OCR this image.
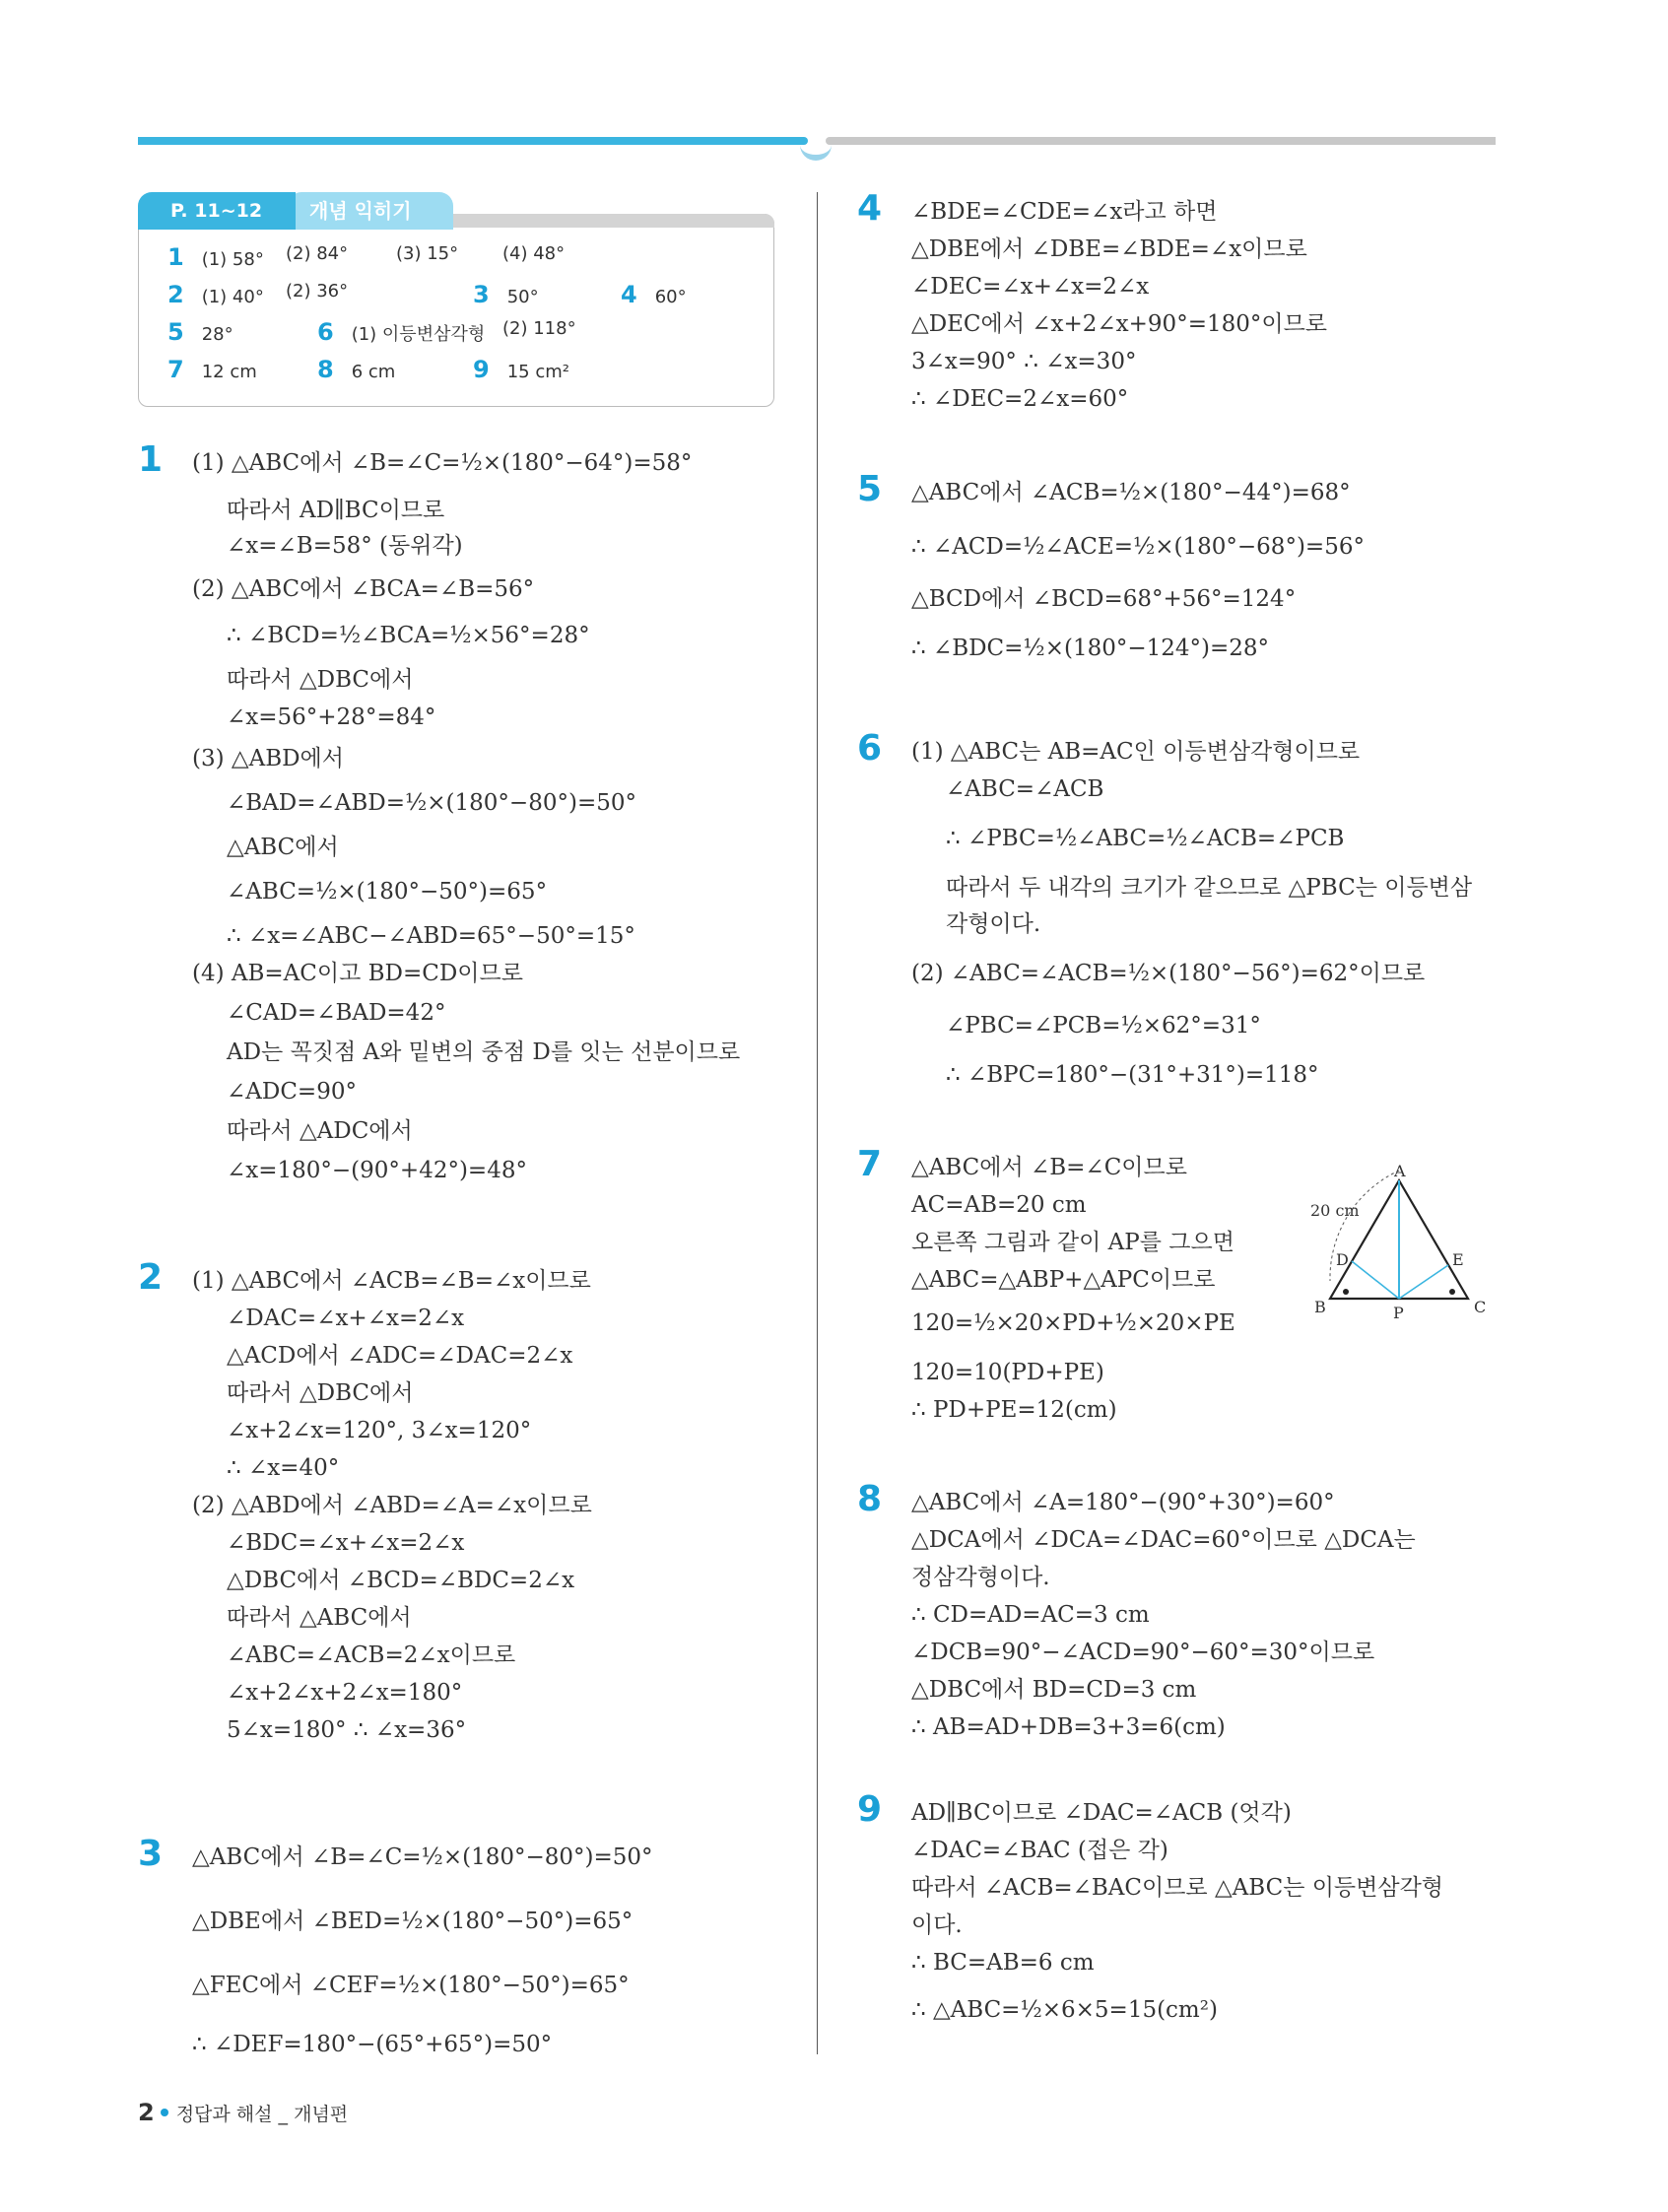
개념 익히기
P. 11~12
1 (1) △ABC에서 ∠B=∠C=½×(180°−64°)=58°
따라서 AD∥BC이므로
∠x=∠B=58° (동위각)
(2) △ABC에서 ∠BCA=∠B=56°
∴ ∠BCD=½∠BCA=½×56°=28°
따라서 △DBC에서
∠x=56°+28°=84°
(3) △ABD에서
∠BAD=∠ABD=½×(180°−80°)=50°
△ABC에서
∠ABC=½×(180°−50°)=65°
∴ ∠x=∠ABC−∠ABD=65°−50°=15°
(4) AB=AC이고 BD=CD이므로
∠CAD=∠BAD=42°
AD는 꼭짓점 A와 밑변의 중점 D를 잇는 선분이므로
∠ADC=90°
따라서 △ADC에서
∠x=180°−(90°+42°)=48°
2 (1) △ABC에서 ∠ACB=∠B=∠x이므로
∠DAC=∠x+∠x=2∠x
△ACD에서 ∠ADC=∠DAC=2∠x
따라서 △DBC에서
∠x+2∠x=120°, 3∠x=120°
∴ ∠x=40°
(2) △ABD에서 ∠ABD=∠A=∠x이므로
∠BDC=∠x+∠x=2∠x
△DBC에서 ∠BCD=∠BDC=2∠x
따라서 △ABC에서
∠ABC=∠ACB=2∠x이므로
∠x+2∠x+2∠x=180°
5∠x=180° ∴ ∠x=36°
3 △ABC에서 ∠B=∠C=½×(180°−80°)=50°
△DBE에서 ∠BED=½×(180°−50°)=65°
△FEC에서 ∠CEF=½×(180°−50°)=65°
∴ ∠DEF=180°−(65°+65°)=50°
4 ∠BDE=∠CDE=∠x라고 하면
△DBE에서 ∠DBE=∠BDE=∠x이므로
∠DEC=∠x+∠x=2∠x
△DEC에서 ∠x+2∠x+90°=180°이므로
3∠x=90° ∴ ∠x=30°
∴ ∠DEC=2∠x=60°
5 △ABC에서 ∠ACB=½×(180°−44°)=68°
∴ ∠ACD=½∠ACE=½×(180°−68°)=56°
△BCD에서 ∠BCD=68°+56°=124°
∴ ∠BDC=½×(180°−124°)=28°
6 (1) △ABC는 AB=AC인 이등변삼각형이므로
∠ABC=∠ACB
∴ ∠PBC=½∠ABC=½∠ACB=∠PCB
따라서 두 내각의 크기가 같으므로 △PBC는 이등변삼
각형이다.
(2) ∠ABC=∠ACB=½×(180°−56°)=62°이므로
∠PBC=∠PCB=½×62°=31°
∴ ∠BPC=180°−(31°+31°)=118°
7 △ABC에서 ∠B=∠C이므로
AC=AB=20 cm
오른쪽 그림과 같이 AP를 그으면
△ABC=△ABP+△APC이므로
120=½×20×PD+½×20×PE
120=10(PD+PE)
∴ PD+PE=12(cm)
8 △ABC에서 ∠A=180°−(90°+30°)=60°
△DCA에서 ∠DCA=∠DAC=60°이므로 △DCA는
정삼각형이다.
∴ CD=AD=AC=3 cm
∠DCB=90°−∠ACD=90°−60°=30°이므로
△DBC에서 BD=CD=3 cm
∴ AB=AD+DB=3+3=6(cm)
9 AD∥BC이므로 ∠DAC=∠ACB (엇각)
∠DAC=∠BAC (접은 각)
따라서 ∠ACB=∠BAC이므로 △ABC는 이등변삼각형
이다.
∴ BC=AB=6 cm
∴ △ABC=½×6×5=15(cm²)
A
B	C
D	E
P
20 cm
2 정답과 해설 _ 개념편
1 (1) 58° (2) 84°	(3) 15° (4) 48°
2 (1) 40° (2) 36°	3 50°	4 60°
5 28°	6 (1) 이등변삼각형 (2) 118°
7 12 cm	8 6 cm	9 15 cm²
